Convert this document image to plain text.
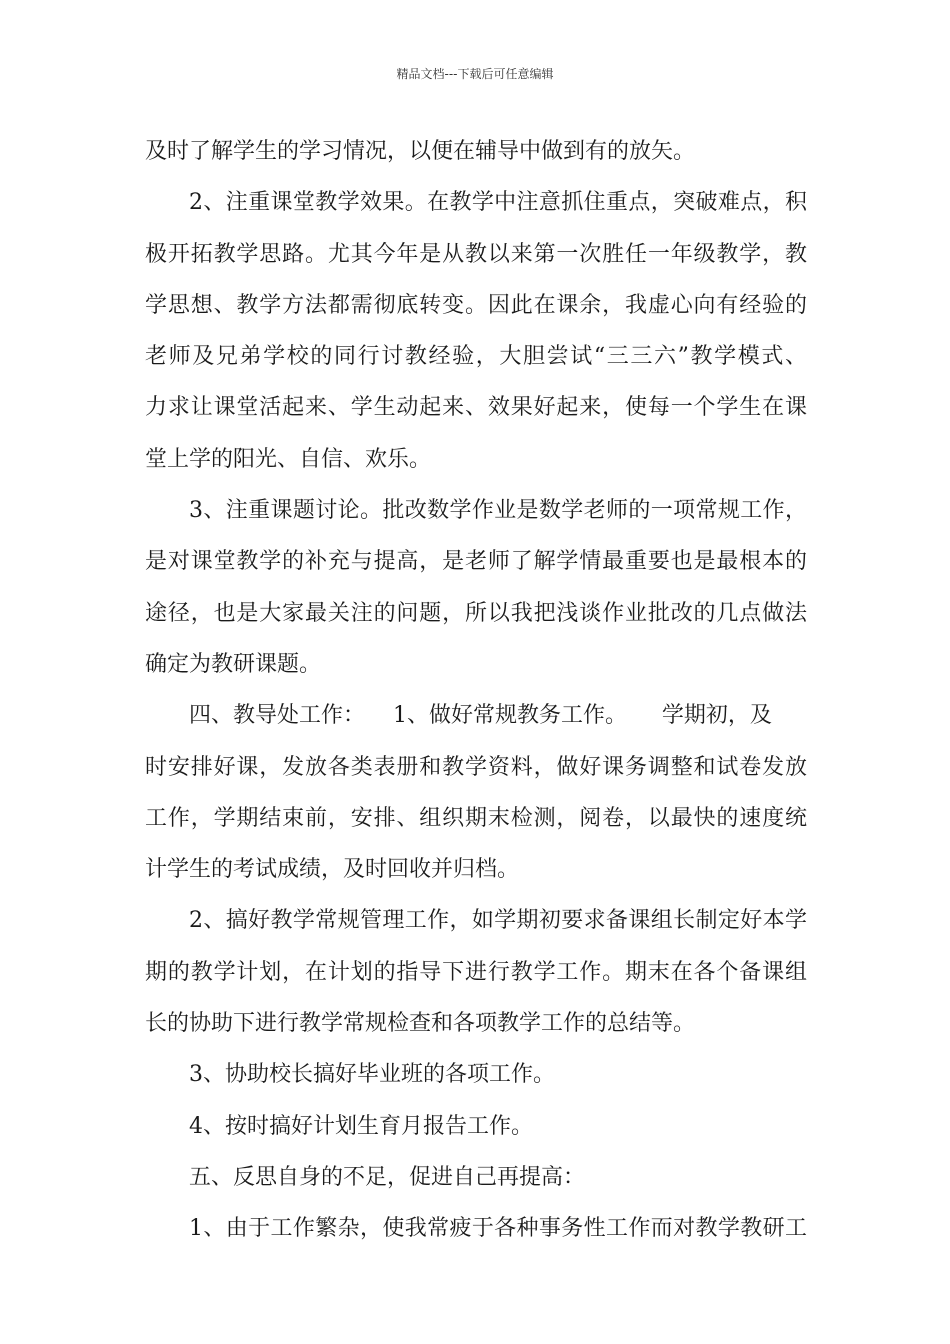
精品文档---下载后可任意编辑
及时了解学生的学习情况，以便在辅导中做到有的放矢。
2、注重课堂教学效果。在教学中注意抓住重点，突破难点，积
极开拓教学思路。尤其今年是从教以来第一次胜任一年级教学，教
学思想、教学方法都需彻底转变。因此在课余，我虚心向有经验的
老师及兄弟学校的同行讨教经验，大胆尝试“三三六”教学模式、
力求让课堂活起来、学生动起来、效果好起来，使每一个学生在课
堂上学的阳光、自信、欢乐。
3、注重课题讨论。批改数学作业是数学老师的一项常规工作，
是对课堂教学的补充与提高，是老师了解学情最重要也是最根本的
途径，也是大家最关注的问题，所以我把浅谈作业批改的几点做法
确定为教研课题。
四、教导处工作：    1、做好常规教务工作。     学期初，及
时安排好课，发放各类表册和教学资料，做好课务调整和试卷发放
工作，学期结束前，安排、组织期末检测，阅卷，以最快的速度统
计学生的考试成绩，及时回收并归档。
2、搞好教学常规管理工作，如学期初要求备课组长制定好本学
期的教学计划，在计划的指导下进行教学工作。期末在各个备课组
长的协助下进行教学常规检查和各项教学工作的总结等。
3、协助校长搞好毕业班的各项工作。
4、按时搞好计划生育月报告工作。
五、反思自身的不足，促进自己再提高：
1、由于工作繁杂，使我常疲于各种事务性工作而对教学教研工
